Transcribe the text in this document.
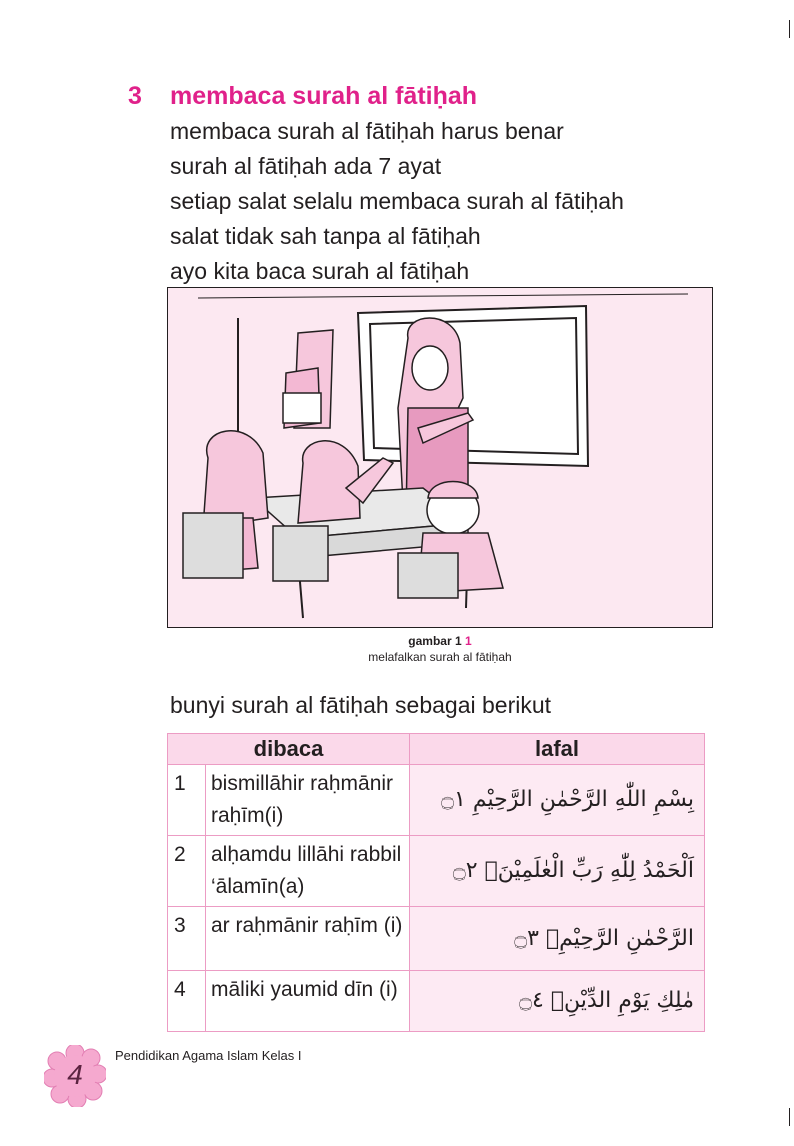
3 membaca surah al fātiḥah
membaca surah al fātiḥah harus benar
surah al fātiḥah ada 7 ayat
setiap salat selalu membaca surah al fātiḥah
salat tidak sah tanpa al fātiḥah
ayo kita baca surah al fātiḥah
gambar 1 1
melafalkan surah al fātiḥah
bunyi surah al fātiḥah sebagai berikut
dibaca		lafal
1	bismillāhir raḥmānir raḥīm(i)	بِسْمِ اللّٰهِ الرَّحْمٰنِ الرَّحِيْمِ ۝١
2	alḥamdu lillāhi rabbil ‘ālamīn(a)	اَلْحَمْدُ لِلّٰهِ رَبِّ الْعٰلَمِيْنَۙ ۝٢
3	ar raḥmānir raḥīm (i)	الرَّحْمٰنِ الرَّحِيْمِۙ ۝٣
4	māliki yaumid dīn (i)	مٰلِكِ يَوْمِ الدِّيْنِۗ ۝٤
4
Pendidikan Agama Islam Kelas I
